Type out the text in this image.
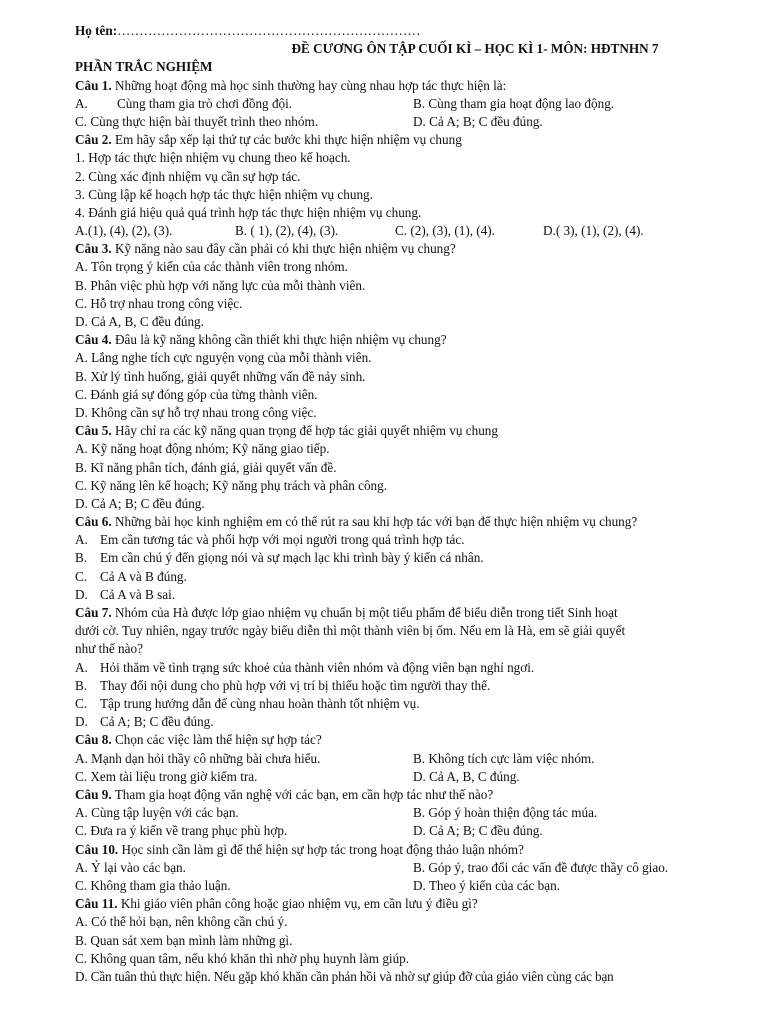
Họ tên:……………………………………………………………
ĐỀ CƯƠNG ÔN TẬP CUỐI KÌ – HỌC KÌ 1- MÔN: HĐTNHN 7
PHẦN TRẮC NGHIỆM
Câu 1. Những hoạt động mà học sinh thường hay cùng nhau hợp tác thực hiện là:
A.	Cùng tham gia trò chơi đồng đội.	B. Cùng tham gia hoạt động lao động.
C. Cùng thực hiện bài thuyết trình theo nhóm.	D. Cả A; B; C đều đúng.
Câu 2. Em hãy sắp xếp lại thứ tự các bước khi thực hiện nhiệm vụ chung
1. Hợp tác thực hiện nhiệm vụ chung theo kế hoạch.
2. Cùng xác định nhiệm vụ cần sự hợp tác.
3. Cùng lập kế hoạch hợp tác thực hiện nhiệm vụ chung.
4. Đánh giá hiệu quả quá trình hợp tác thực hiện nhiệm vụ chung.
A.(1), (4), (2), (3).	B. ( 1), (2), (4), (3).	C. (2), (3), (1), (4).	D.( 3), (1), (2), (4).
Câu 3. Kỹ năng nào sau đây cần phải có khi thực hiện nhiệm vụ chung?
A. Tôn trọng ý kiến của các thành viên trong nhóm.
B. Phân việc phù hợp với năng lực của mỗi thành viên.
C. Hỗ trợ nhau trong công việc.
D. Cả A, B, C đều đúng.
Câu 4. Đâu là kỹ năng không cần thiết khi thực hiện nhiệm vụ chung?
A. Lắng nghe tích cực nguyện vọng của mỗi thành viên.
B. Xử lý tình huống, giải quyết những vấn đề nảy sinh.
C. Đánh giá sự đóng góp của từng thành viên.
D. Không cần sự hỗ trợ nhau trong công việc.
Câu 5. Hãy chỉ ra các kỹ năng quan trọng để hợp tác giải quyết nhiệm vụ chung
A. Kỹ năng hoạt động nhóm; Kỹ năng giao tiếp.
B. Kĩ năng phân tích, đánh giá, giải quyết vấn đề.
C. Kỹ năng lên kế hoạch; Kỹ năng phụ trách và phân công.
D. Cả A; B; C đều đúng.
Câu 6. Những bài học kinh nghiệm em có thể rút ra sau khi hợp tác với bạn để thực hiện nhiệm vụ chung?
A. Em cần tương tác và phối hợp với mọi người trong quá trình hợp tác.
B. Em cần chú ý đến giọng nói và sự mạch lạc khi trình bày ý kiến cá nhân.
C. Cả A và B đúng.
D. Cả A và B sai.
Câu 7. Nhóm của Hà được lớp giao nhiệm vụ chuẩn bị một tiểu phẩm để biểu diễn trong tiết Sinh hoạt
dưới cờ. Tuy nhiên, ngay trước ngày biểu diễn thì một thành viên bị ốm. Nếu em là Hà, em sẽ giải quyết
như thế nào?
A. Hỏi thăm về tình trạng sức khoẻ của thành viên nhóm và động viên bạn nghỉ ngơi.
B. Thay đổi nội dung cho phù hợp với vị trí bị thiếu hoặc tìm người thay thế.
C. Tập trung hướng dẫn để cùng nhau hoàn thành tốt nhiệm vụ.
D. Cả A; B; C đều đúng.
Câu 8. Chọn các việc làm thể hiện sự hợp tác?
A. Mạnh dạn hỏi thầy cô những bài chưa hiểu.	B. Không tích cực làm việc nhóm.
C. Xem tài liệu trong giờ kiểm tra.	D. Cả A, B, C đúng.
Câu 9. Tham gia hoạt động văn nghệ với các bạn, em cần hợp tác như thế nào?
A. Cùng tập luyện với các bạn.	B. Góp ý hoàn thiện động tác múa.
C. Đưa ra ý kiến về trang phục phù hợp.	D. Cả A; B; C đều đúng.
Câu 10. Học sinh cần làm gì để thể hiện sự hợp tác trong hoạt động thảo luận nhóm?
A. Ỷ lại vào các bạn.	B. Góp ý, trao đổi các vấn đề được thầy cô giao.
C. Không tham gia thảo luận.	D. Theo ý kiến của các bạn.
Câu 11. Khi giáo viên phân công hoặc giao nhiệm vụ, em cần lưu ý điều gì?
A. Có thể hỏi bạn, nên không cần chú ý.
B. Quan sát xem bạn mình làm những gì.
C. Không quan tâm, nếu khó khăn thì nhờ phụ huynh làm giúp.
D. Cần tuân thủ thực hiện. Nếu gặp khó khăn cần phản hồi và nhờ sự giúp đỡ của giáo viên cùng các bạn
